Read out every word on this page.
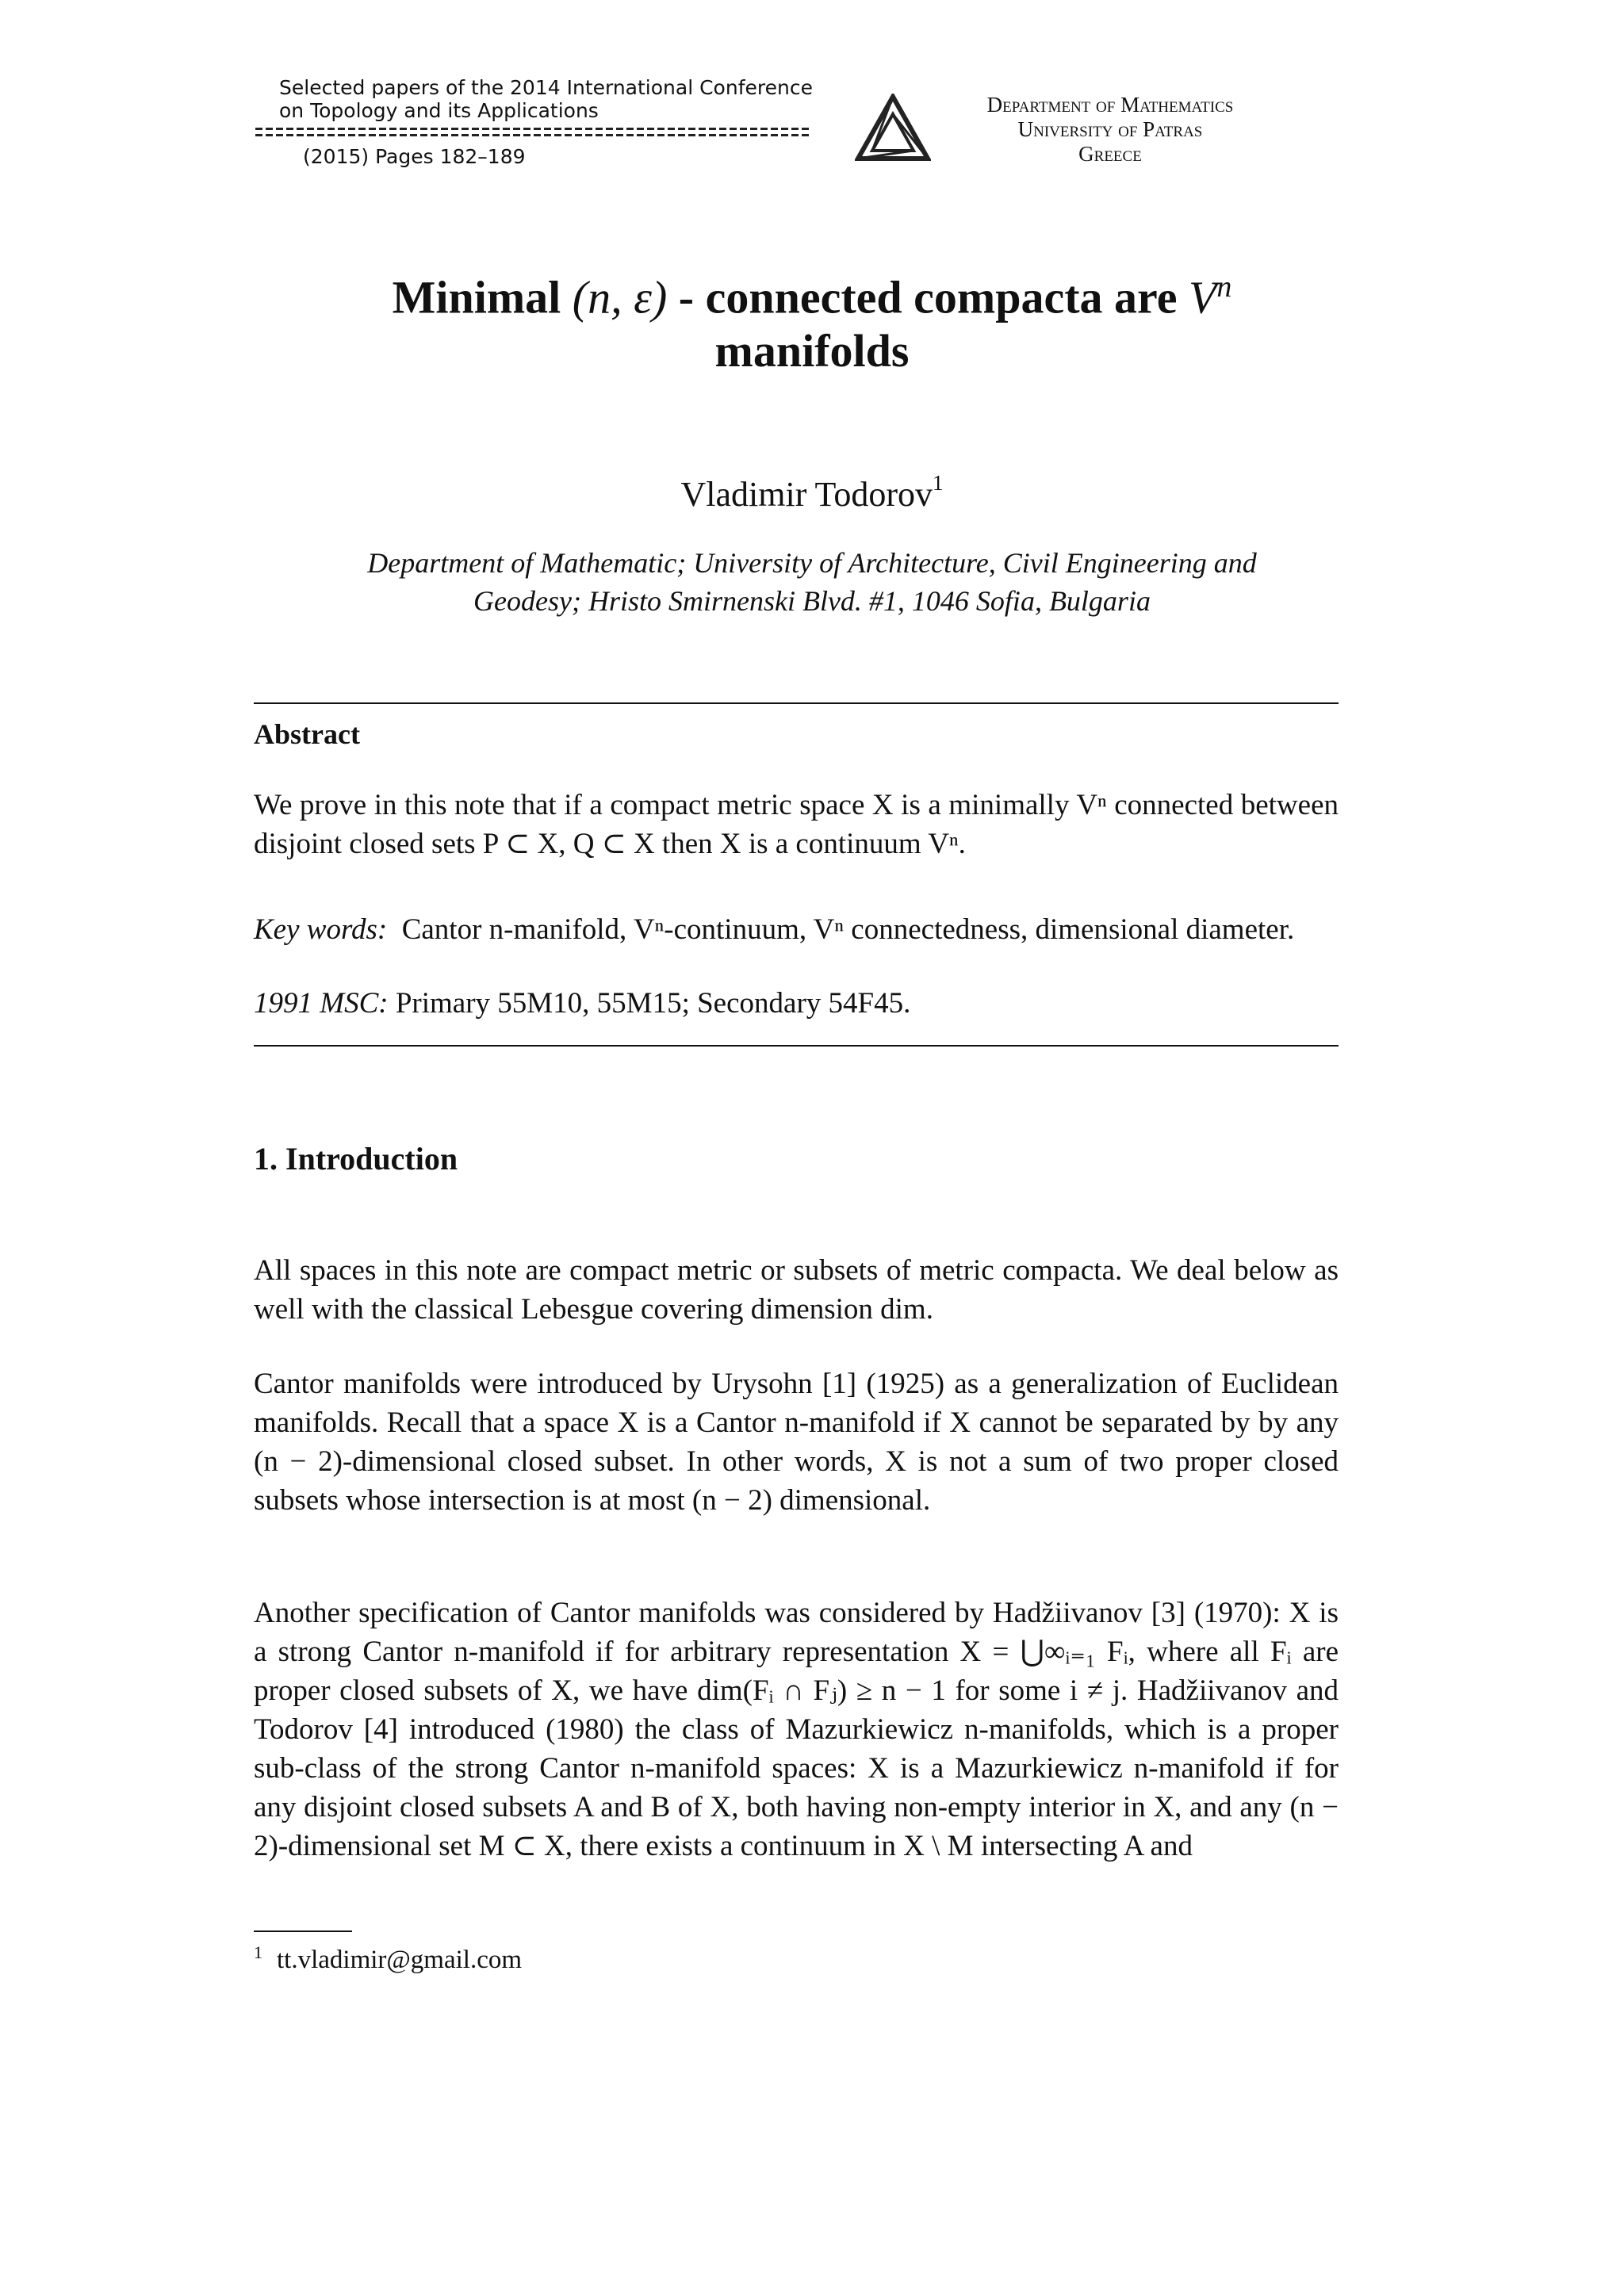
Selected papers of the 2014 International Conference
on Topology and its Applications
(2015) Pages 182–189
Department of Mathematics
University of Patras
Greece
Minimal (n, ε) - connected compacta are $V^n$
manifolds
Vladimir Todorov$^1$
Department of Mathematic; University of Architecture, Civil Engineering and
Geodesy; Hristo Smirnenski Blvd. #1, 1046 Sofia, Bulgaria
Abstract
We prove in this note that if a compact metric space X is a minimally Vⁿ connected between disjoint closed sets P ⊂ X, Q ⊂ X then X is a continuum Vⁿ.
Key words: Cantor n-manifold, Vⁿ-continuum, Vⁿ connectedness, dimensional diameter.
1991 MSC: Primary 55M10, 55M15; Secondary 54F45.
1. Introduction
All spaces in this note are compact metric or subsets of metric compacta. We deal below as well with the classical Lebesgue covering dimension dim.
Cantor manifolds were introduced by Urysohn [1] (1925) as a generalization of Euclidean manifolds. Recall that a space X is a Cantor n-manifold if X cannot be separated by by any (n − 2)-dimensional closed subset. In other words, X is not a sum of two proper closed subsets whose intersection is at most (n − 2) dimensional.
Another specification of Cantor manifolds was considered by Hadžiivanov [3] (1970): X is a strong Cantor n-manifold if for arbitrary representation X = ⋃∞ᵢ₌₁ Fᵢ, where all Fᵢ are proper closed subsets of X, we have dim(Fᵢ ∩ Fⱼ) ≥ n − 1 for some i ≠ j. Hadžiivanov and Todorov [4] introduced (1980) the class of Mazurkiewicz n-manifolds, which is a proper sub-class of the strong Cantor n-manifold spaces: X is a Mazurkiewicz n-manifold if for any disjoint closed subsets A and B of X, both having non-empty interior in X, and any (n − 2)-dimensional set M ⊂ X, there exists a continuum in X \ M intersecting A and
$^1$ tt.vladimir@gmail.com
